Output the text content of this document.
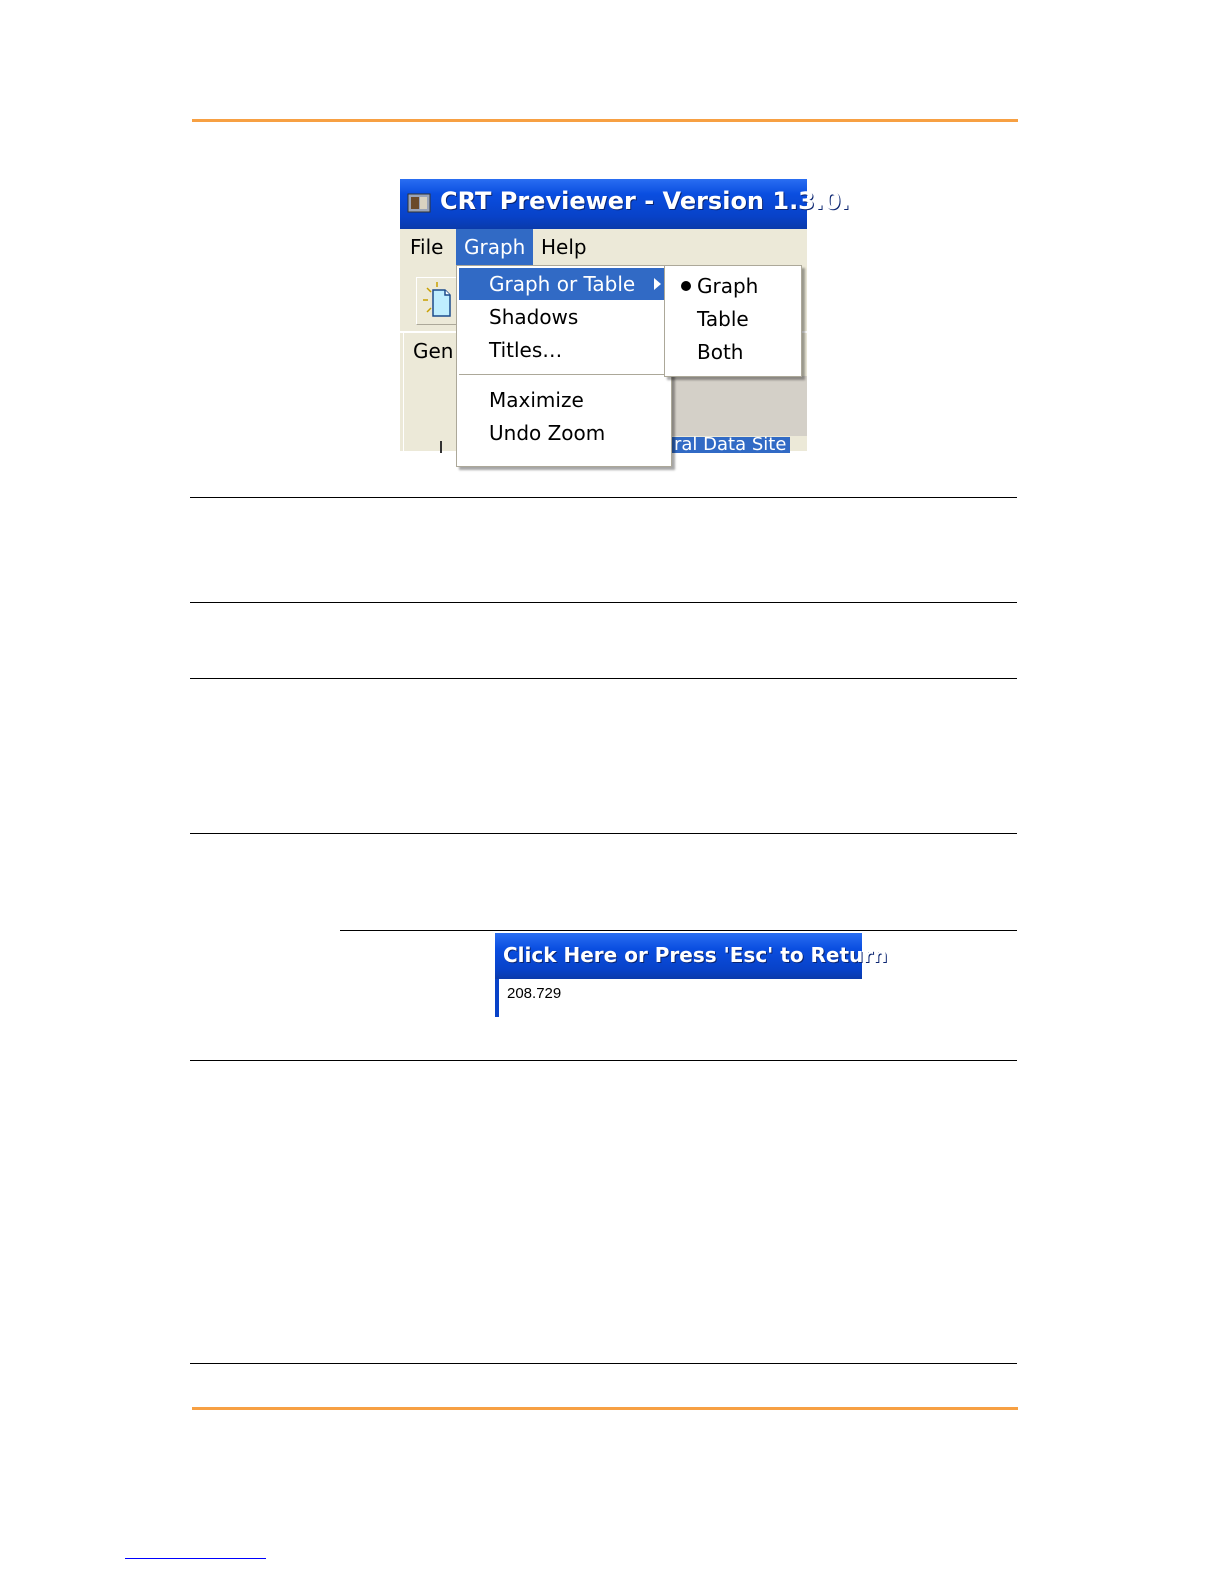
CRT Previewer - Version 1.3.0.
File	Graph Help
Gen
ral Data Site
Graph or Table
Shadows
Titles…
Maximize
Undo Zoom
Graph
Table
Both
Click Here or Press 'Esc' to Return
208.729
